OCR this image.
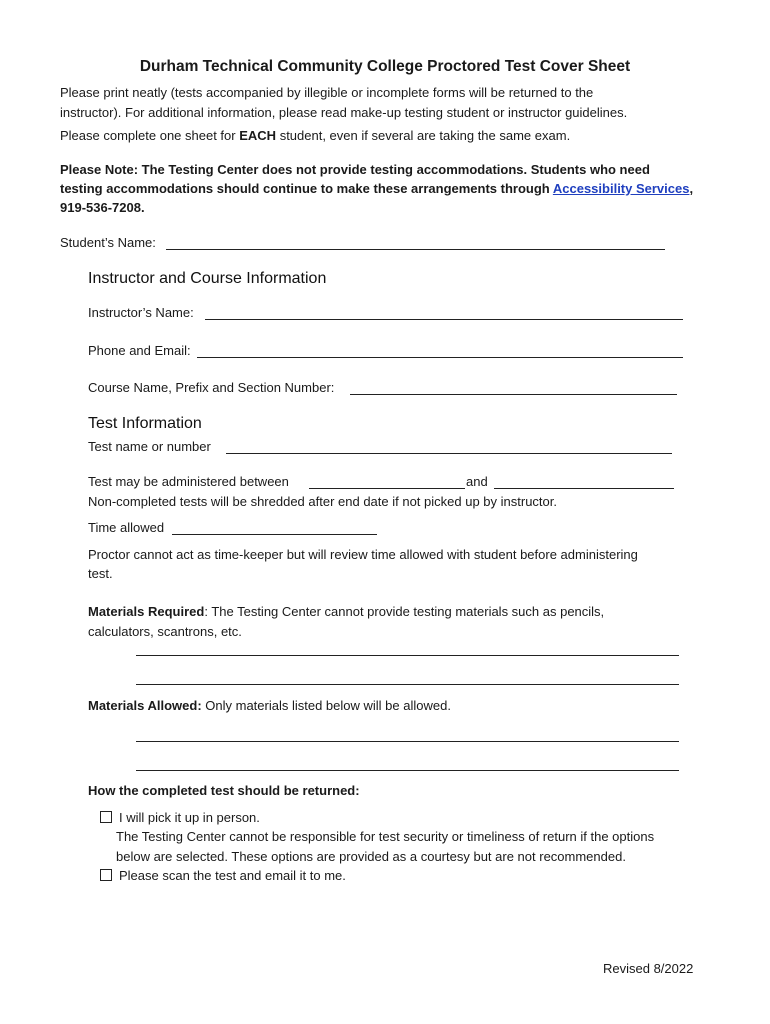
Durham Technical Community College Proctored Test Cover Sheet
Please print neatly (tests accompanied by illegible or incomplete forms will be returned to the
instructor). For additional information, please read make-up testing student or instructor guidelines.
Please complete one sheet for EACH student, even if several are taking the same exam.
Please Note: The Testing Center does not provide testing accommodations. Students who need
testing accommodations should continue to make these arrangements through Accessibility Services,
919-536-7208.
Student’s Name:
Instructor and Course Information
Instructor’s Name:
Phone and Email:
Course Name, Prefix and Section Number:
Test Information
Test name or number
Test may be administered between	and
Non-completed tests will be shredded after end date if not picked up by instructor.
Time allowed
Proctor cannot act as time-keeper but will review time allowed with student before administering
test.
Materials Required: The Testing Center cannot provide testing materials such as pencils,
calculators, scantrons, etc.
Materials Allowed: Only materials listed below will be allowed.
How the completed test should be returned:
I will pick it up in person.
The Testing Center cannot be responsible for test security or timeliness of return if the options
below are selected. These options are provided as a courtesy but are not recommended.
Please scan the test and email it to me.
Revised 8/2022
